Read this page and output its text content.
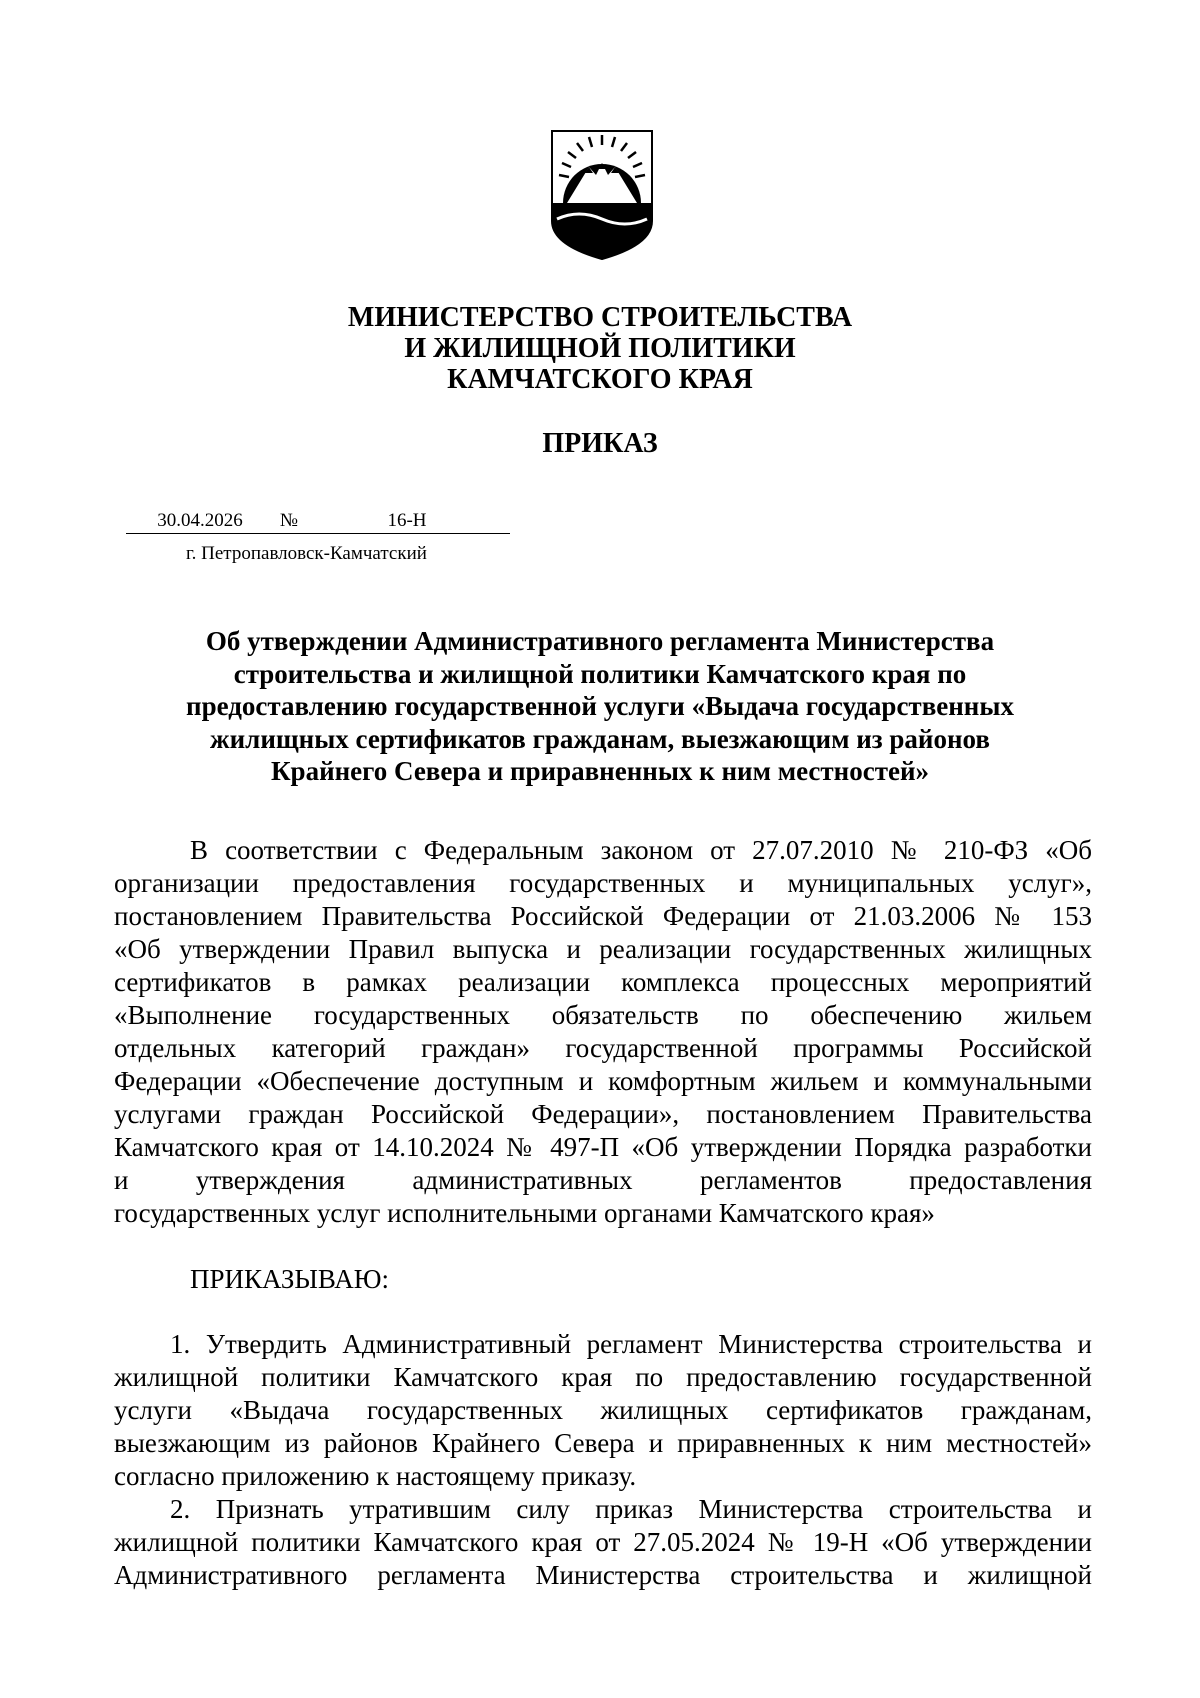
МИНИСТЕРСТВО СТРОИТЕЛЬСТВА
И ЖИЛИЩНОЙ ПОЛИТИКИ
КАМЧАТСКОГО КРАЯ
ПРИКАЗ
30.04.2026 №	16-Н
г. Петропавловск-Камчатский
Об утверждении Административного регламента Министерства
строительства и жилищной политики Камчатского края по
предоставлению государственной услуги «Выдача государственных
жилищных сертификатов гражданам, выезжающим из районов
Крайнего Севера и приравненных к ним местностей»
В соответствии с Федеральным законом от 27.07.2010 № 210-ФЗ «Об
организации предоставления государственных и муниципальных услуг»,
постановлением Правительства Российской Федерации от 21.03.2006 № 153
«Об утверждении Правил выпуска и реализации государственных жилищных
сертификатов в рамках реализации комплекса процессных мероприятий
«Выполнение государственных обязательств по обеспечению жильем
отдельных категорий граждан» государственной программы Российской
Федерации «Обеспечение доступным и комфортным жильем и коммунальными
услугами граждан Российской Федерации», постановлением Правительства
Камчатского края от 14.10.2024 № 497-П «Об утверждении Порядка разработки
и утверждения административных регламентов предоставления
государственных услуг исполнительными органами Камчатского края»
ПРИКАЗЫВАЮ:
1. Утвердить Административный регламент Министерства строительства и
жилищной политики Камчатского края по предоставлению государственной
услуги «Выдача государственных жилищных сертификатов гражданам,
выезжающим из районов Крайнего Севера и приравненных к ним местностей»
согласно приложению к настоящему приказу.
2. Признать утратившим силу приказ Министерства строительства и
жилищной политики Камчатского края от 27.05.2024 № 19-Н «Об утверждении
Административного регламента Министерства строительства и жилищной
